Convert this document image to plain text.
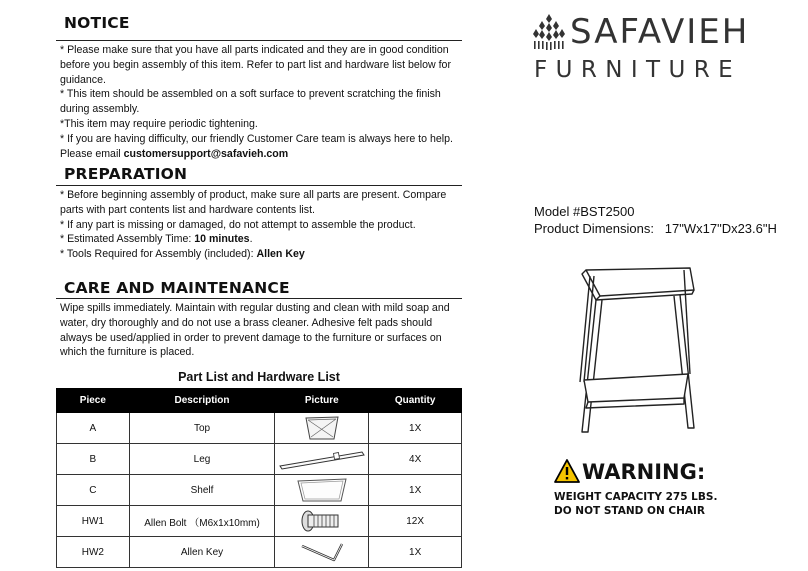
NOTICE

* Please make sure that you have all parts indicated and they are in good condition

before you begin assembly of this item. Refer to part list and hardware list below for

guidance.

* This item should be assembled on a soft surface to prevent scratching the finish

during assembly.

*This item may require periodic tightening.

* If you are having difficulty, our friendly Customer Care team is always here to help.

Please email customersupport@safavieh.com

PREPARATION

* Before beginning assembly of product, make sure all parts are present. Compare

parts with part contents list and hardware contents list.

* If any part is missing or damaged, do not attempt to assemble the product.

* Estimated Assembly Time: 10 minutes.

* Tools Required for Assembly (included): Allen Key

CARE AND MAINTENANCE

Wipe spills immediately. Maintain with regular dusting and clean with mild soap and

water, dry thoroughly and do not use a brass cleaner. Adhesive felt pads should

always be used/applied in order to prevent damage to the furniture or surfaces on

which the furniture is placed.

Part List and Hardware List
Piece	Description	Picture	Quantity
A	Top		1X
B	Leg		4X
C	Shelf		1X
HW1	Allen Bolt （M6x1x10mm)		12X
HW2	Allen Key		1X
SAFAVIEH
FURNITURE
Model #BST2500
Product Dimensions:   17"Wx17"Dx23.6"H
WARNING:
WEIGHT CAPACITY 275 LBS.
DO NOT STAND ON CHAIR
